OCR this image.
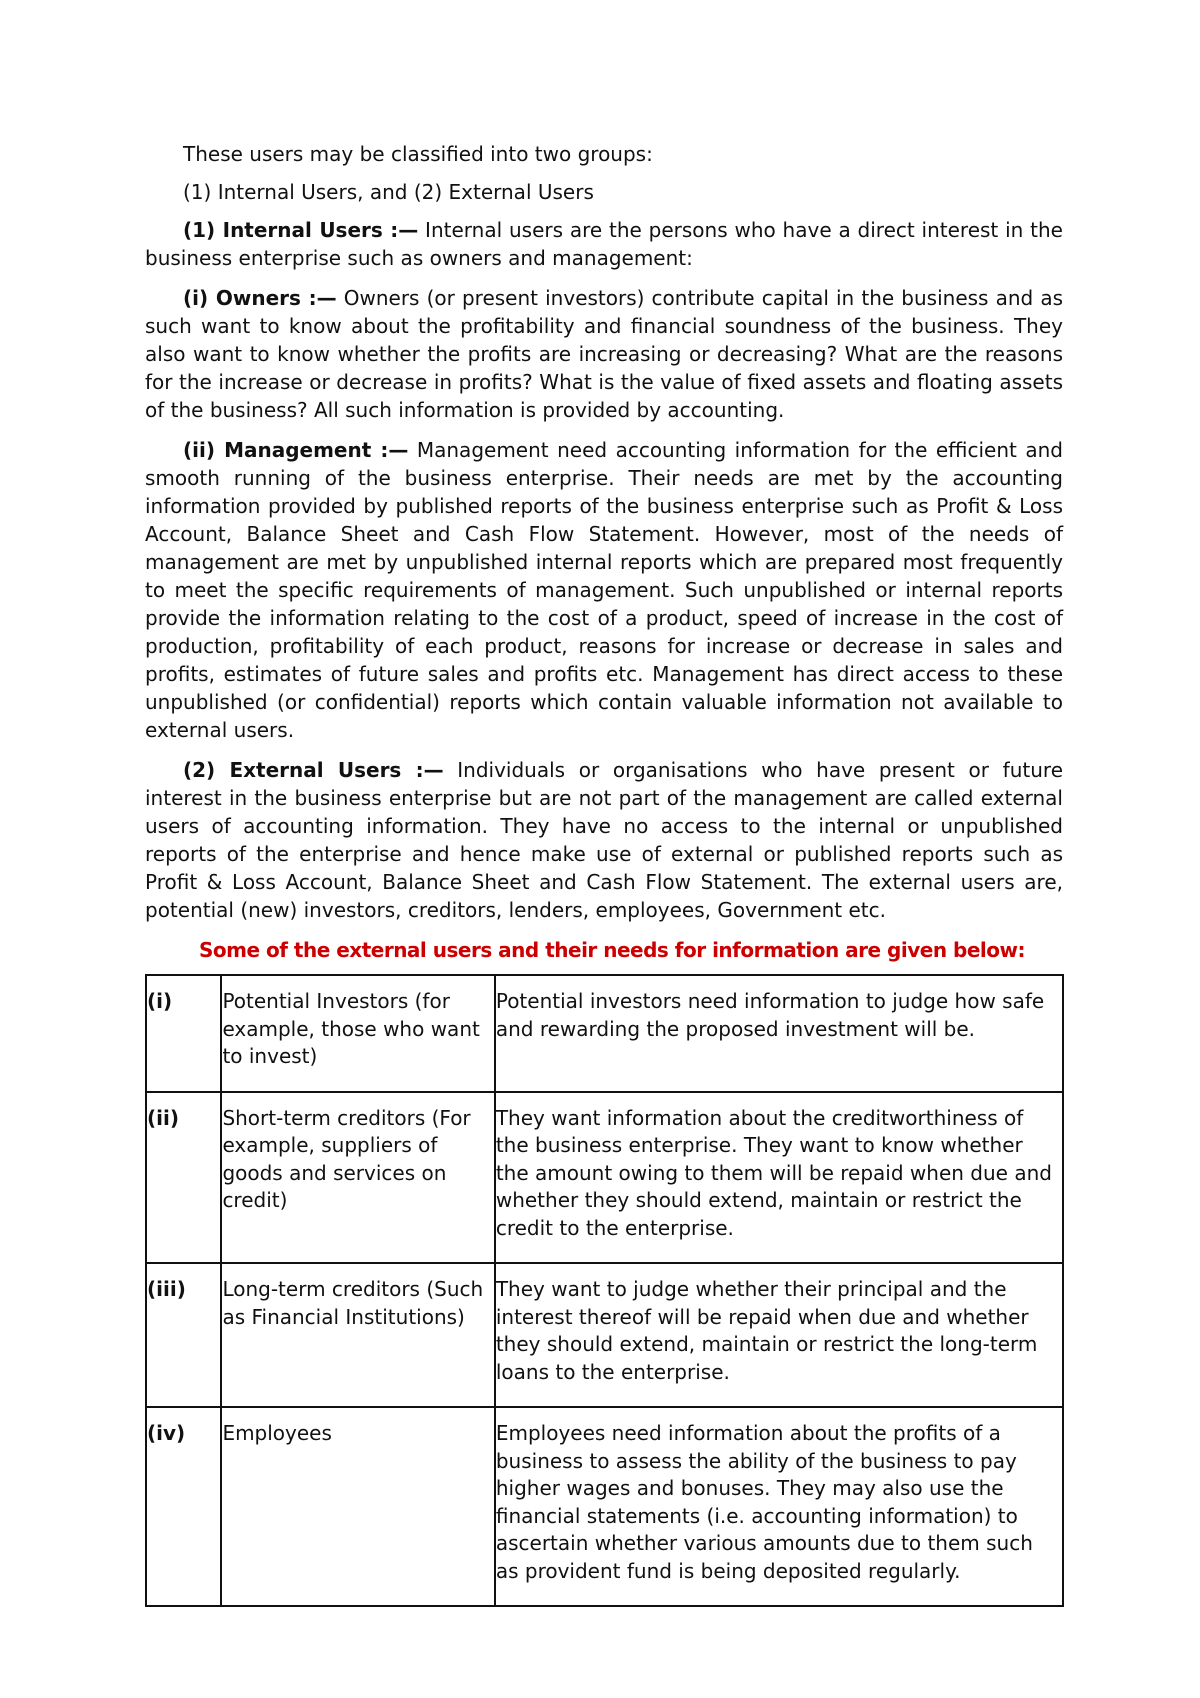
These users may be classified into two groups:

(1) Internal Users, and (2) External Users

(1) Internal Users :— Internal users are the persons who have a direct interest in the business enterprise such as owners and management:

(i) Owners :— Owners (or present investors) contribute capital in the business and as such want to know about the profitability and financial soundness of the business. They also want to know whether the profits are increasing or decreasing? What are the reasons for the increase or decrease in profits? What is the value of fixed assets and floating assets of the business? All such information is provided by accounting.

(ii) Management :— Management need accounting information for the efficient and smooth running of the business enterprise. Their needs are met by the accounting information provided by published reports of the business enterprise such as Profit & Loss Account, Balance Sheet and Cash Flow Statement. However, most of the needs of management are met by unpublished internal reports which are prepared most frequently to meet the specific requirements of management. Such unpublished or internal reports provide the information relating to the cost of a product, speed of increase in the cost of production, profitability of each product, reasons for increase or decrease in sales and profits, estimates of future sales and profits etc. Management has direct access to these unpublished (or confidential) reports which contain valuable information not available to external users.

(2) External Users :— Individuals or organisations who have present or future interest in the business enterprise but are not part of the management are called external users of accounting information. They have no access to the internal or unpublished reports of the enterprise and hence make use of external or published reports such as Profit & Loss Account, Balance Sheet and Cash Flow Statement. The external users are, potential (new) investors, creditors, lenders, employees, Government etc.

Some of the external users and their needs for information are given below:

(i)	Potential Investors (for example, those who want to invest)	Potential investors need information to judge how safe and rewarding the proposed investment will be.
(ii)	Short-term creditors (For example, suppliers of goods and services on credit)	They want information about the creditworthiness of the business enterprise. They want to know whether the amount owing to them will be repaid when due and whether they should extend, maintain or restrict the credit to the enterprise.
(iii)	Long-term creditors (Such as Financial Institutions)	They want to judge whether their principal and the interest thereof will be repaid when due and whether they should extend, maintain or restrict the long-term loans to the enterprise.
(iv)	Employees	Employees need information about the profits of a business to assess the ability of the business to pay higher wages and bonuses. They may also use the financial statements (i.e. accounting information) to ascertain whether various amounts due to them such as provident fund is being deposited regularly.
